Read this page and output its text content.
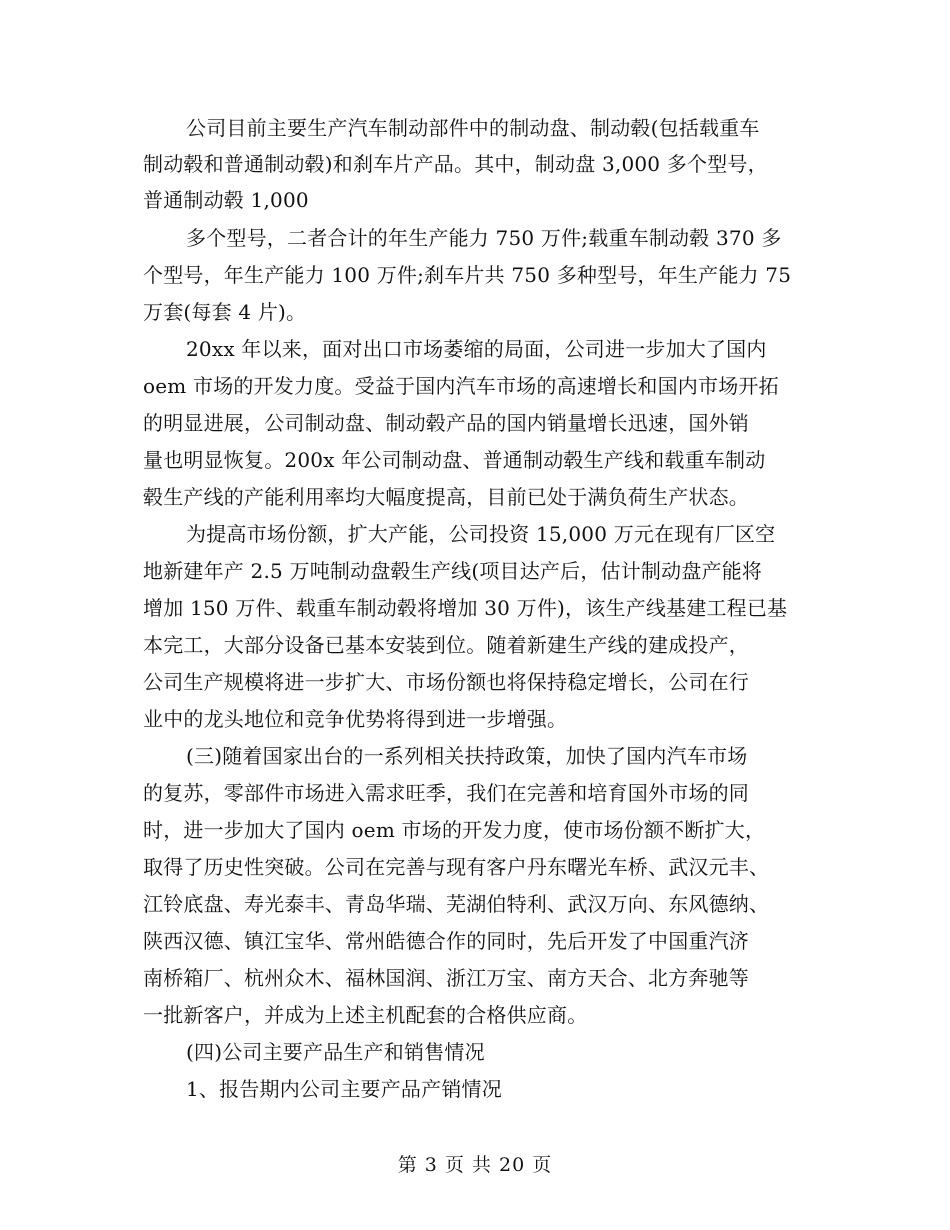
公司目前主要生产汽车制动部件中的制动盘、制动毂(包括载重车
制动毂和普通制动毂)和刹车片产品。其中，制动盘 3,000 多个型号，
普通制动毂 1,000
多个型号，二者合计的年生产能力 750 万件;载重车制动毂 370 多
个型号，年生产能力 100 万件;刹车片共 750 多种型号，年生产能力 75
万套(每套 4 片)。
20xx 年以来，面对出口市场萎缩的局面，公司进一步加大了国内
oem 市场的开发力度。受益于国内汽车市场的高速增长和国内市场开拓
的明显进展，公司制动盘、制动毂产品的国内销量增长迅速，国外销
量也明显恢复。200x 年公司制动盘、普通制动毂生产线和载重车制动
毂生产线的产能利用率均大幅度提高，目前已处于满负荷生产状态。
为提高市场份额，扩大产能，公司投资 15,000 万元在现有厂区空
地新建年产 2.5 万吨制动盘毂生产线(项目达产后，估计制动盘产能将
增加 150 万件、载重车制动毂将增加 30 万件)，该生产线基建工程已基
本完工，大部分设备已基本安装到位。随着新建生产线的建成投产，
公司生产规模将进一步扩大、市场份额也将保持稳定增长，公司在行
业中的龙头地位和竞争优势将得到进一步增强。
(三)随着国家出台的一系列相关扶持政策，加快了国内汽车市场
的复苏，零部件市场进入需求旺季，我们在完善和培育国外市场的同
时，进一步加大了国内 oem 市场的开发力度，使市场份额不断扩大，
取得了历史性突破。公司在完善与现有客户丹东曙光车桥、武汉元丰、
江铃底盘、寿光泰丰、青岛华瑞、芜湖伯特利、武汉万向、东风德纳、
陕西汉德、镇江宝华、常州皓德合作的同时，先后开发了中国重汽济
南桥箱厂、杭州众木、福林国润、浙江万宝、南方天合、北方奔驰等
一批新客户，并成为上述主机配套的合格供应商。
(四)公司主要产品生产和销售情况
1、报告期内公司主要产品产销情况
第 3 页 共 20 页
